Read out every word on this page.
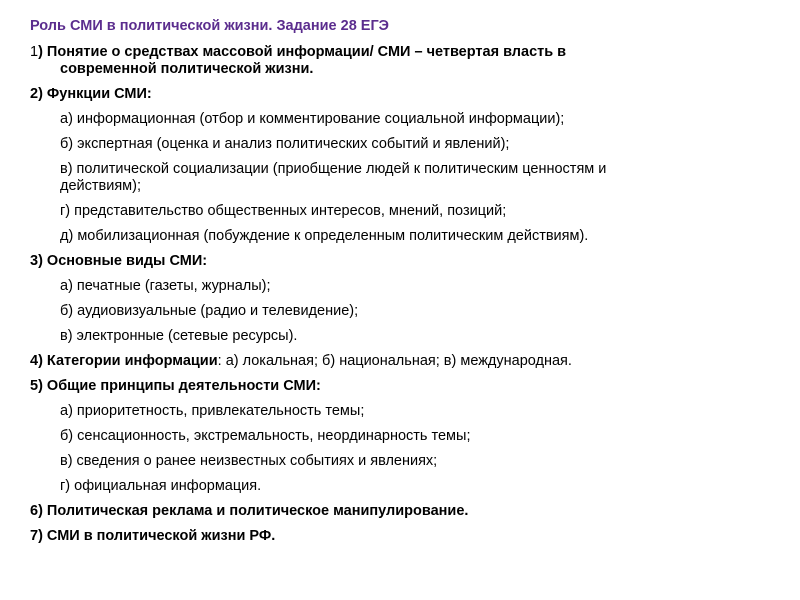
Роль СМИ в политической жизни. Задание 28 ЕГЭ
1) Понятие о средствах массовой информации/ СМИ – четвертая власть в
современной политической жизни.
2) Функции СМИ:
а) информационная (отбор и комментирование социальной информации);
б) экспертная (оценка и анализ политических событий и явлений);
в) политической социализации (приобщение людей к политическим ценностям и
действиям);
г) представительство общественных интересов, мнений, позиций;
д) мобилизационная (побуждение к определенным политическим действиям).
3) Основные виды СМИ:
а) печатные (газеты, журналы);
б) аудиовизуальные (радио и телевидение);
в) электронные (сетевые ресурсы).
4) Категории информации: а) локальная; б) национальная; в) международная.
5) Общие принципы деятельности СМИ:
а) приоритетность, привлекательность темы;
б) сенсационность, экстремальность, неординарность темы;
в) сведения о ранее неизвестных событиях и явлениях;
г) официальная информация.
6) Политическая реклама и политическое манипулирование.
7) СМИ в политической жизни РФ.
